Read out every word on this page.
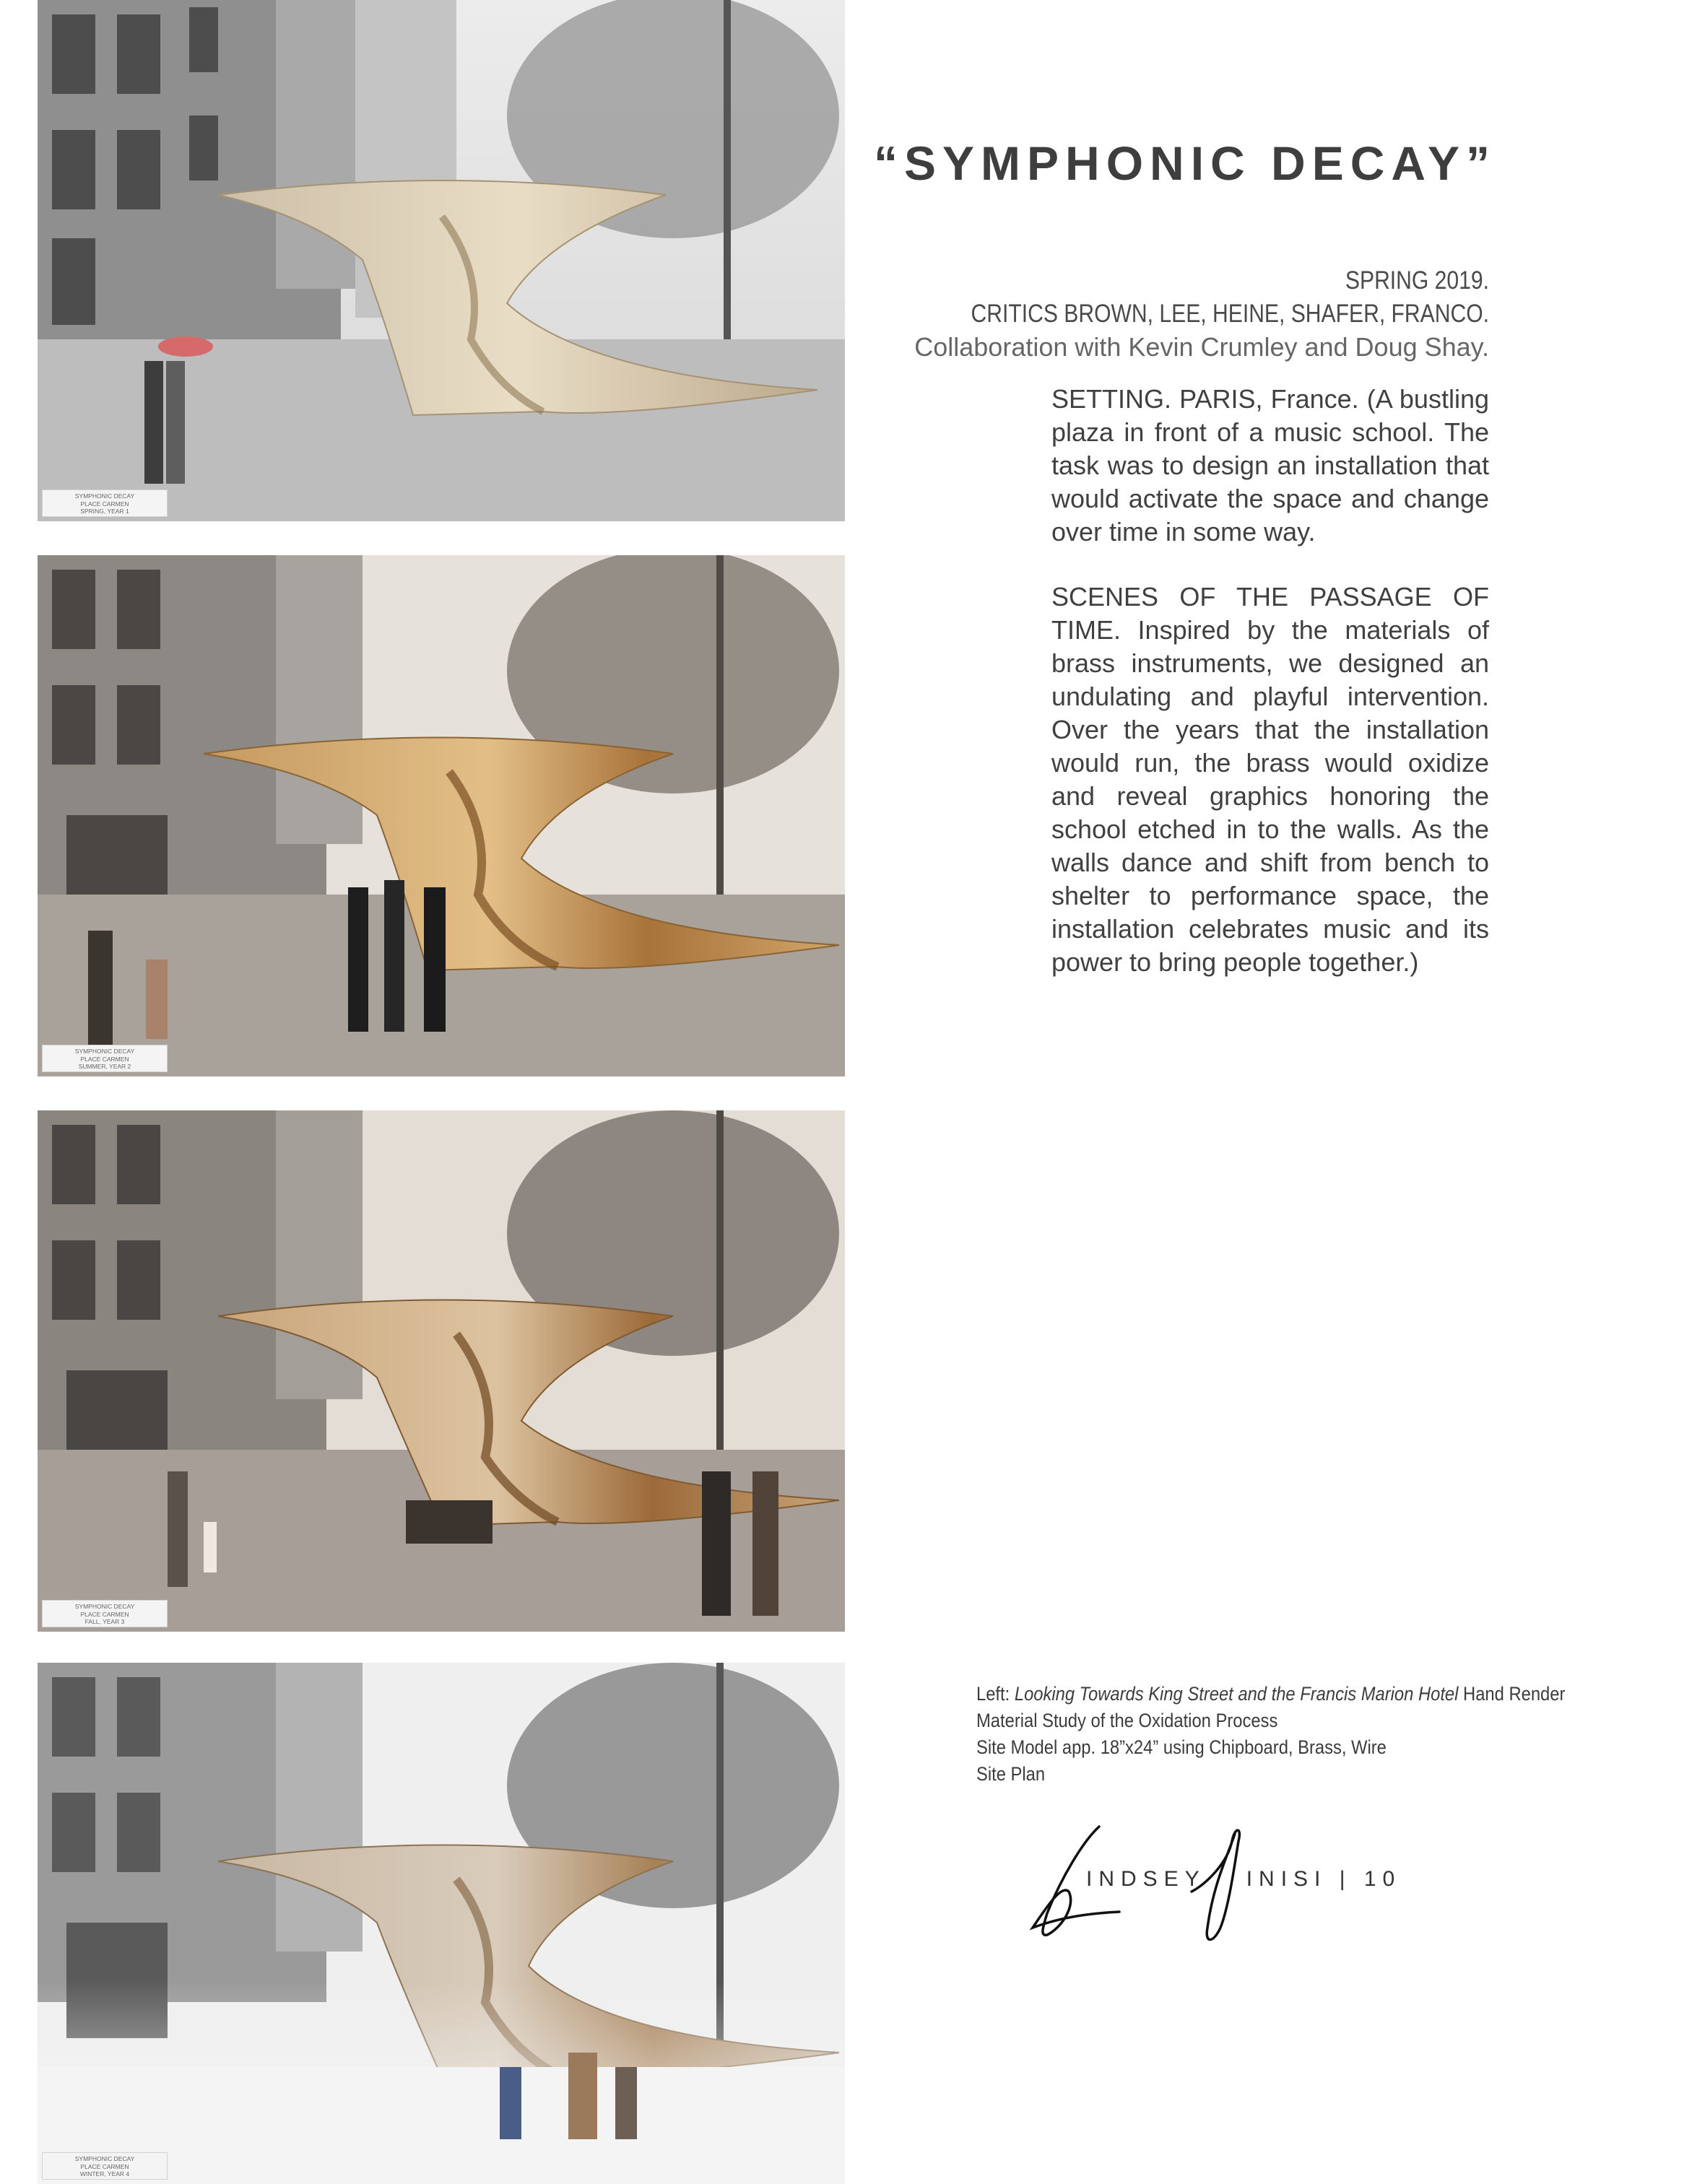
SYMPHONIC DECAY
PLACE CARMEN
SPRING, YEAR 1
SYMPHONIC DECAY
PLACE CARMEN
SUMMER, YEAR 2
SYMPHONIC DECAY
PLACE CARMEN
FALL, YEAR 3
SYMPHONIC DECAY
PLACE CARMEN
WINTER, YEAR 4
“SYMPHONIC DECAY”
SPRING 2019.
CRITICS BROWN, LEE, HEINE, SHAFER, FRANCO.
Collaboration with Kevin Crumley and Doug Shay.

SETTING. PARIS, France. (A bustling plaza in front of a music school. The task was to design an installation that would activate the space and change over time in some way.

SCENES OF THE PASSAGE OF TIME. Inspired by the materials of brass instruments, we designed an undulating and playful intervention. Over the years that the installation would run, the brass would oxidize and reveal graphics honoring the school etched in to the walls. As the walls dance and shift from bench to shelter to performance space, the installation celebrates music and its power to bring people together.)

Left: Looking Towards King Street and the Francis Marion Hotel Hand Render
Material Study of the Oxidation Process
Site Model app. 18”x24” using Chipboard, Brass, Wire
Site Plan
INDSEY INISI | 10
